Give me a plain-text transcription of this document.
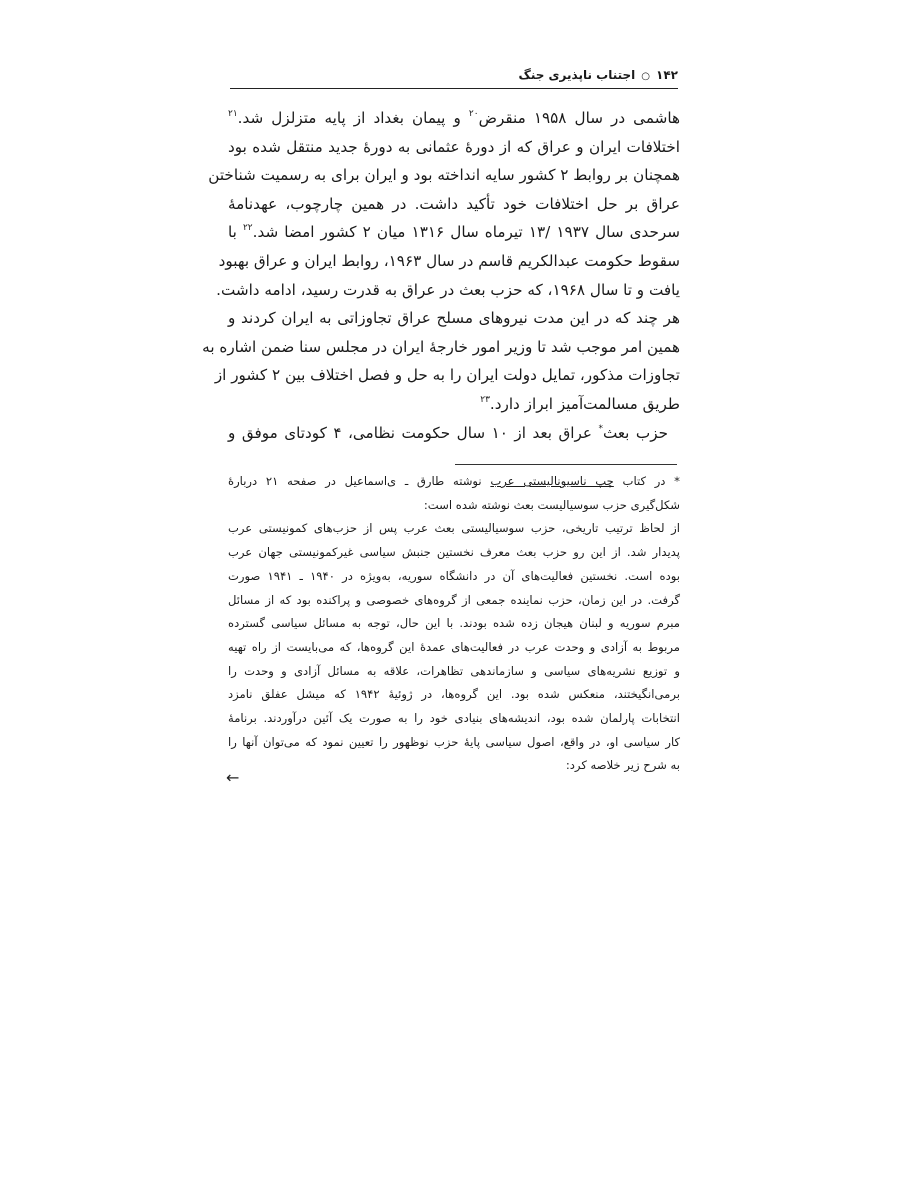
۱۴۲○اجتناب ناپذیری جنگ
هاشمی در سال ۱۹۵۸ منقرض$^{۲۰}$ و پیمان بغداد از پایه متزلزل شد.$^{۲۱}$
اختلافات ایران و عراق که از دورۀ عثمانی به دورۀ جدید منتقل شده بود
همچنان بر روابط ۲ کشور سایه انداخته بود و ایران برای به رسمیت شناختن
عراق بر حل اختلافات خود تأکید داشت. در همین چارچوب، عهدنامۀ
سرحدی سال ۱۹۳۷ /۱۳ تیرماه سال ۱۳۱۶ میان ۲ کشور امضا شد.$^{۲۲}$ با
سقوط حکومت عبدالکریم قاسم در سال ۱۹۶۳، روابط ایران و عراق بهبود
یافت و تا سال ۱۹۶۸، که حزب بعث در عراق به قدرت رسید، ادامه داشت.
هر چند که در این مدت نیروهای مسلح عراق تجاوزاتی به ایران کردند و
همین امر موجب شد تا وزیر امور خارجۀ ایران در مجلس سنا ضمن اشاره به
تجاوزات مذکور، تمایل دولت ایران را به حل و فصل اختلاف بین ۲ کشور از
طریق مسالمت‌آمیز ابراز دارد.$^{۲۳}$
حزب بعث* عراق بعد از ۱۰ سال حکومت نظامی، ۴ کودتای موفق و
* در کتاب چپ ناسیونالیستی عرب نوشته طارق ـ ی‌اسماعیل در صفحه ۲۱ دربارۀ
شکل‌گیری حزب سوسیالیست بعث نوشته شده است:
از لحاظ ترتیب تاریخی، حزب سوسیالیستی بعث عرب پس از حزب‌های کمونیستی عرب
پدیدار شد. از این رو حزب بعث معرف نخستین جنبش سیاسی غیرکمونیستی جهان عرب
بوده است. نخستین فعالیت‌های آن در دانشگاه سوریه، به‌ویژه در ۱۹۴۰ ـ ۱۹۴۱ صورت
گرفت. در این زمان، حزب نماینده جمعی از گروه‌های خصوصی و پراکنده بود که از مسائل
مبرم سوریه و لبنان هیجان زده شده بودند. با این حال، توجه به مسائل سیاسی گسترده
مربوط به آزادی و وحدت عرب در فعالیت‌های عمدۀ این گروه‌ها، که می‌بایست از راه تهیه
و توزیع نشریه‌های سیاسی و سازماندهی تظاهرات، علاقه به مسائل آزادی و وحدت را
برمی‌انگیختند، منعکس شده بود. این گروه‌ها، در ژوئیۀ ۱۹۴۲ که میشل عفلق نامزد
انتخابات پارلمان شده بود، اندیشه‌های بنیادی خود را به صورت یک آئین درآوردند. برنامۀ
کار سیاسی او، در واقع، اصول سیاسی پایۀ حزب نوظهور را تعیین نمود که می‌توان آنها را
به شرح زیر خلاصه کرد:
←
